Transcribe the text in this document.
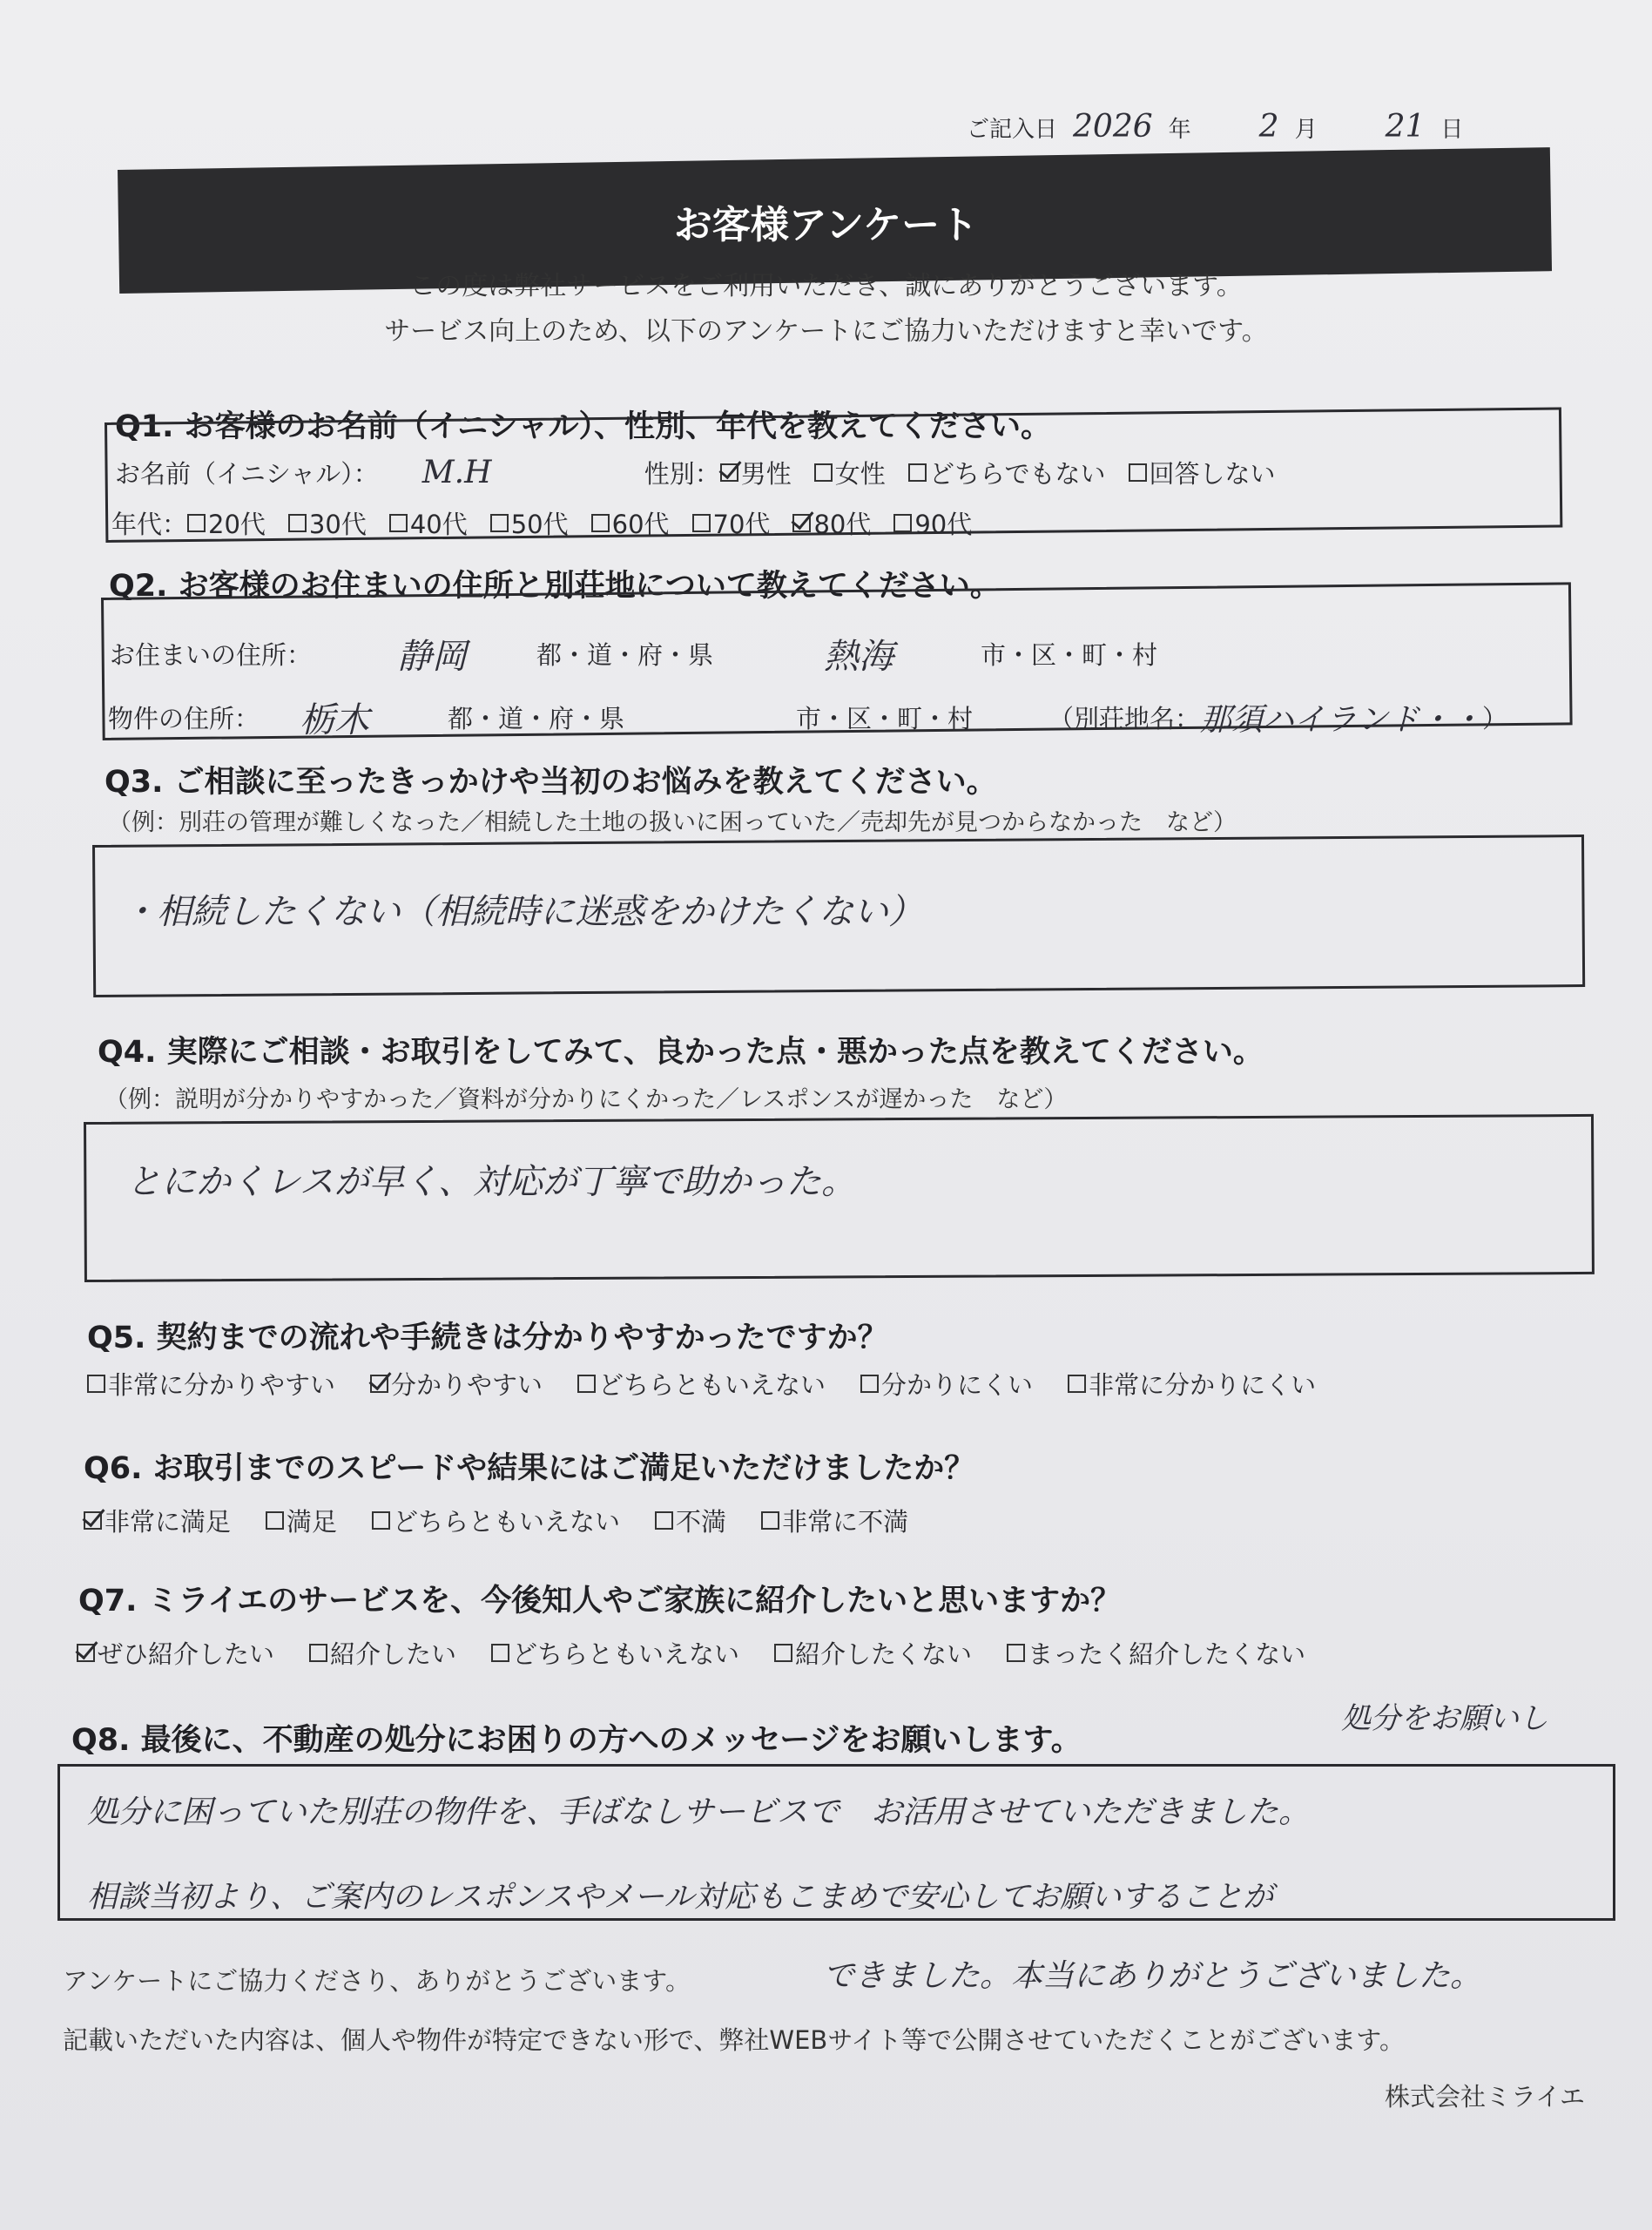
ご記入日 2026 年 2 月 21 日
お客様アンケート
この度は弊社サービスをご利用いただき、誠にありがとうございます。
サービス向上のため、以下のアンケートにご協力いただけますと幸いです。
Q1. お客様のお名前（イニシャル）、性別、年代を教えてください。
お名前（イニシャル）： M.H	性別： 男性 女性 どちらでもない 回答しない
年代： 20代 30代 40代 50代 60代 70代 80代 90代
Q2. お客様のお住まいの住所と別荘地について教えてください。
お住まいの住所：	静岡	都・道・府・県	熱海	市・区・町・村
物件の住所：	栃木	都・道・府・県	市・区・町・村	（別荘地名： 那須ハイランド・・ ）
Q3. ご相談に至ったきっかけや当初のお悩みを教えてください。
（例：別荘の管理が難しくなった／相続した土地の扱いに困っていた／売却先が見つからなかった　など）
・相続したくない（相続時に迷惑をかけたくない）
Q4. 実際にご相談・お取引をしてみて、良かった点・悪かった点を教えてください。
（例：説明が分かりやすかった／資料が分かりにくかった／レスポンスが遅かった　など）
とにかくレスが早く、対応が丁寧で助かった。
Q5. 契約までの流れや手続きは分かりやすかったですか？
非常に分かりやすい 分かりやすい どちらともいえない 分かりにくい 非常に分かりにくい
Q6. お取引までのスピードや結果にはご満足いただけましたか？
非常に満足 満足 どちらともいえない 不満 非常に不満
Q7. ミライエのサービスを、今後知人やご家族に紹介したいと思いますか？
ぜひ紹介したい 紹介したい どちらともいえない 紹介したくない まったく紹介したくない
Q8. 最後に、不動産の処分にお困りの方へのメッセージをお願いします。
処分をお願いし
処分に困っていた別荘の物件を、手ばなしサービスで　お活用させていただきました。
相談当初より、ご案内のレスポンスやメール対応もこまめで安心してお願いすることが
できました。本当にありがとうございました。
アンケートにご協力くださり、ありがとうございます。
記載いただいた内容は、個人や物件が特定できない形で、弊社WEBサイト等で公開させていただくことがございます。
株式会社ミライエ
